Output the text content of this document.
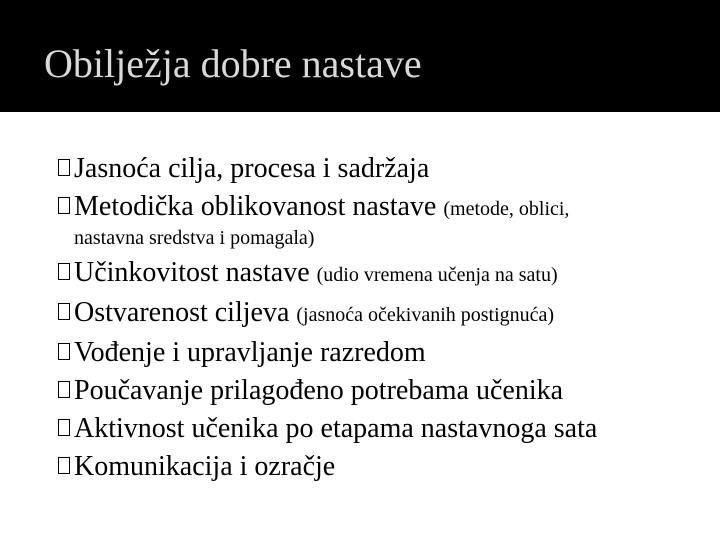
Obilježja dobre nastave
Jasnoća cilja, procesa i sadržaja
Metodička oblikovanost nastave (metode, oblici,
nastavna sredstva i pomagala)
Učinkovitost nastave (udio vremena učenja na satu)
Ostvarenost ciljeva (jasnoća očekivanih postignuća)
Vođenje i upravljanje razredom
Poučavanje prilagođeno potrebama učenika
Aktivnost učenika po etapama nastavnoga sata
Komunikacija i ozračje
